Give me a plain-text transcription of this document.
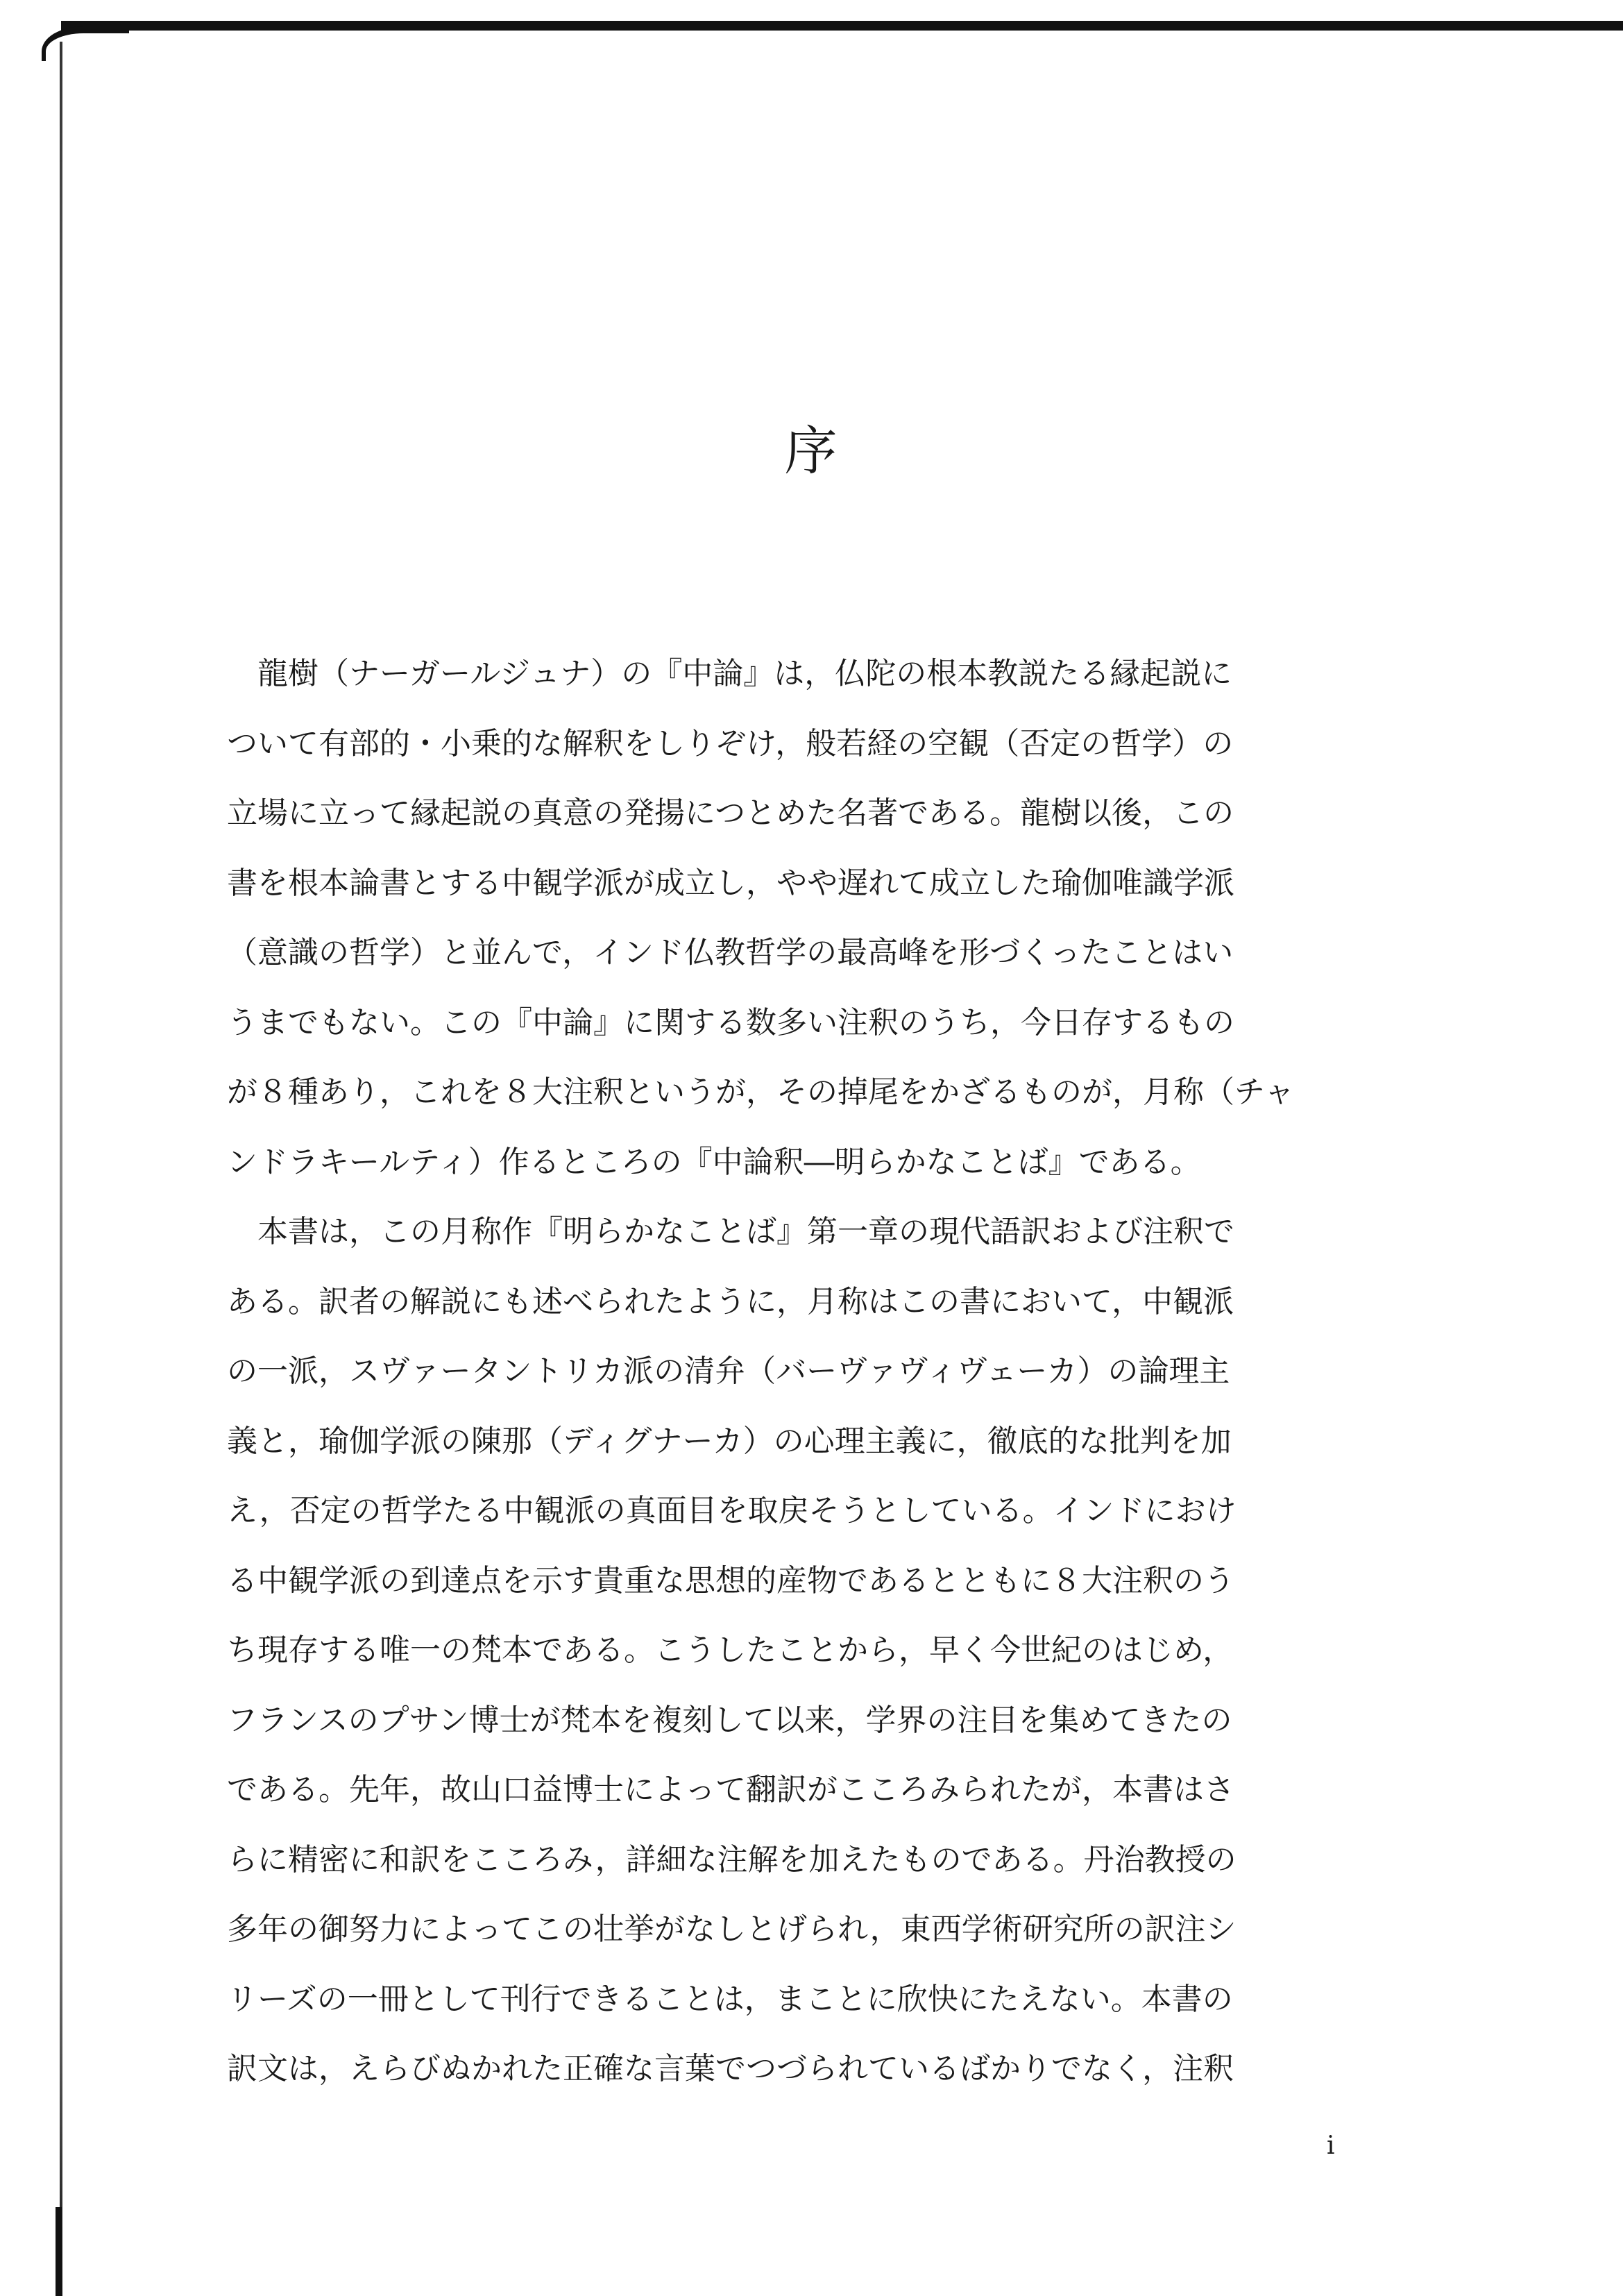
序
　龍樹（ナーガールジュナ）の『中論』は，仏陀の根本教説たる縁起説に
ついて有部的・小乗的な解釈をしりぞけ，般若経の空観（否定の哲学）の
立場に立って縁起説の真意の発揚につとめた名著である。龍樹以後，この
書を根本論書とする中観学派が成立し，やや遅れて成立した瑜伽唯識学派
（意識の哲学）と並んで，インド仏教哲学の最高峰を形づくったことはい
うまでもない。この『中論』に関する数多い注釈のうち，今日存するもの
が８種あり，これを８大注釈というが，その掉尾をかざるものが，月称（チャ
ンドラキールティ）作るところの『中論釈―明らかなことば』である。
　本書は，この月称作『明らかなことば』第一章の現代語訳および注釈で
ある。訳者の解説にも述べられたように，月称はこの書において，中観派
の一派，スヴァータントリカ派の清弁（バーヴァヴィヴェーカ）の論理主
義と，瑜伽学派の陳那（ディグナーカ）の心理主義に，徹底的な批判を加
え，否定の哲学たる中観派の真面目を取戻そうとしている。インドにおけ
る中観学派の到達点を示す貴重な思想的産物であるとともに８大注釈のう
ち現存する唯一の梵本である。こうしたことから，早く今世紀のはじめ，
フランスのプサン博士が梵本を複刻して以来，学界の注目を集めてきたの
である。先年，故山口益博士によって翻訳がこころみられたが，本書はさ
らに精密に和訳をこころみ，詳細な注解を加えたものである。丹治教授の
多年の御努力によってこの壮挙がなしとげられ，東西学術研究所の訳注シ
リーズの一冊として刊行できることは，まことに欣快にたえない。本書の
訳文は，えらびぬかれた正確な言葉でつづられているばかりでなく，注釈
i
